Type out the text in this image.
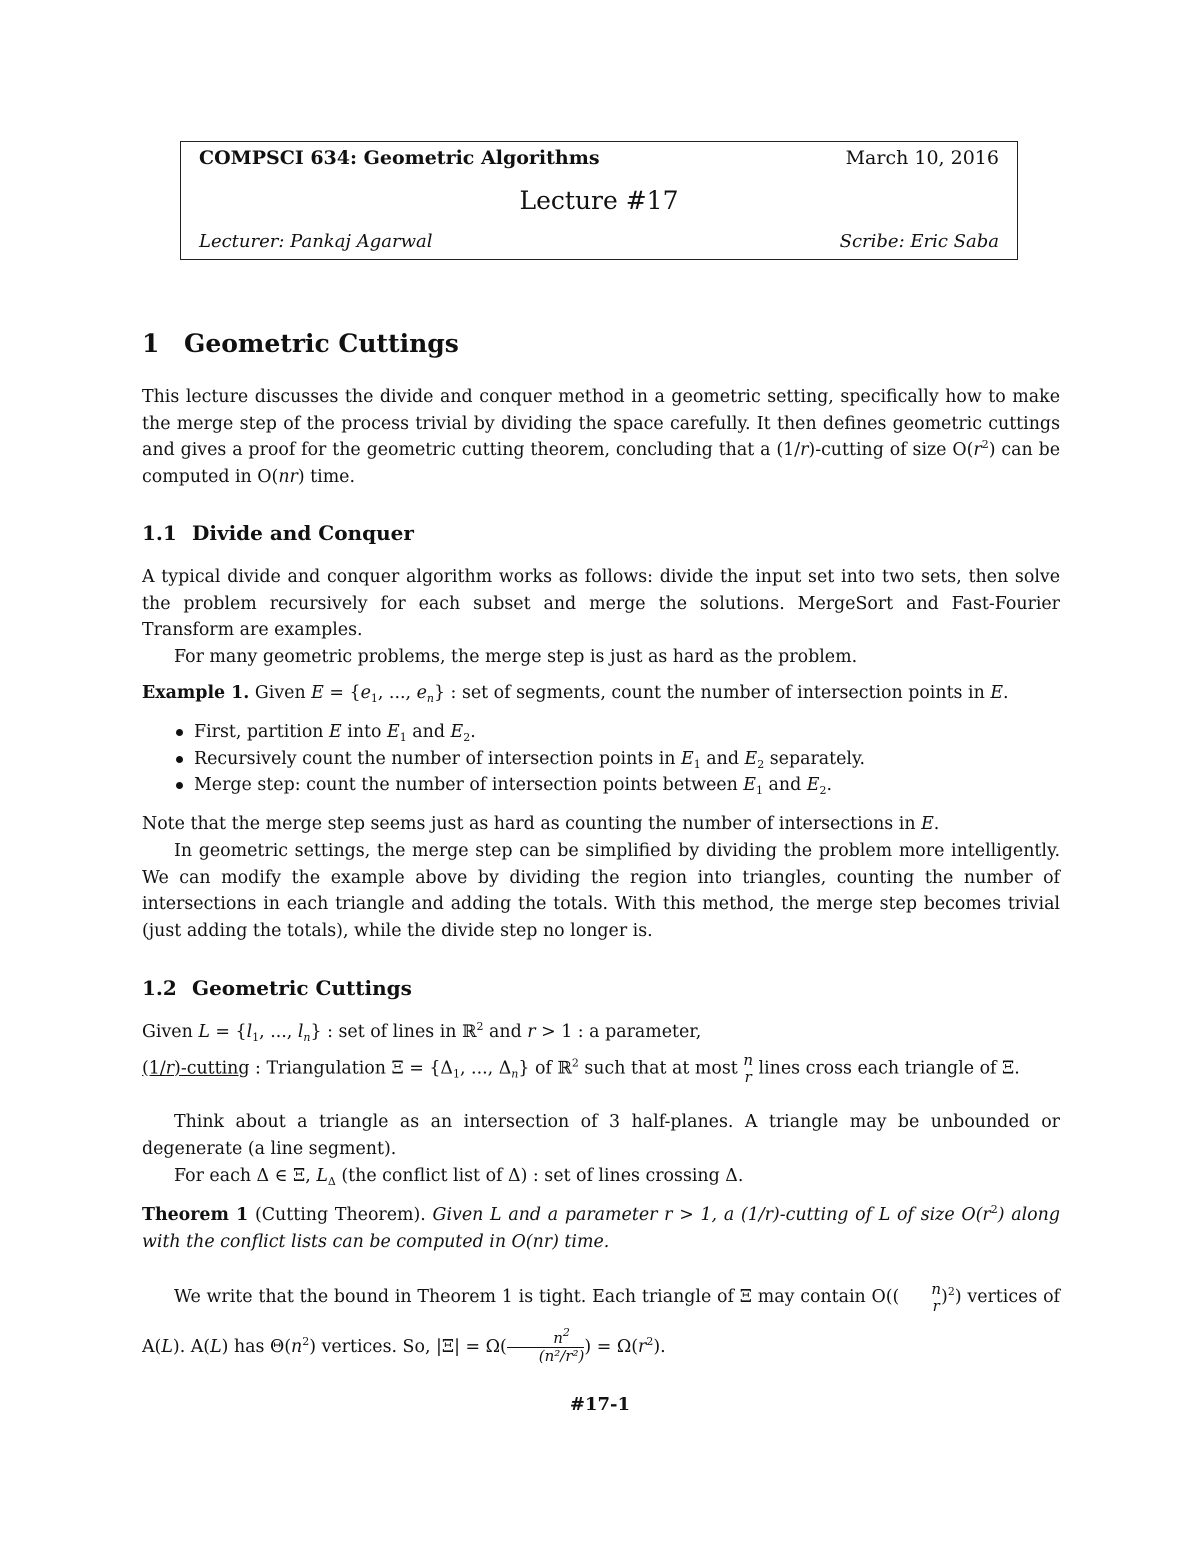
COMPSCI 634: Geometric Algorithms	March 10, 2016
Lecture #17
Lecturer: Pankaj Agarwal	Scribe: Eric Saba
1 Geometric Cuttings
This lecture discusses the divide and conquer method in a geometric setting, specifically how to make the merge step of the process trivial by dividing the space carefully. It then defines geometric cuttings and gives a proof for the geometric cutting theorem, concluding that a (1/r)-cutting of size $O(r^2)$ can be computed in O(nr) time.
1.1 Divide and Conquer
A typical divide and conquer algorithm works as follows: divide the input set into two sets, then solve the problem recursively for each subset and merge the solutions. MergeSort and Fast-Fourier Transform are examples.
For many geometric problems, the merge step is just as hard as the problem.
Example 1. Given $E = \{e_1$, ..., $e_n$} : set of segments, count the number of intersection points in E.
First, partition E into $E_1$ and $E_2$.
Recursively count the number of intersection points in $E_1$ and $E_2$ separately.
Merge step: count the number of intersection points between $E_1$ and $E_2$.
Note that the merge step seems just as hard as counting the number of intersections in E.
In geometric settings, the merge step can be simplified by dividing the problem more intelligently. We can modify the example above by dividing the region into triangles, counting the number of intersections in each triangle and adding the totals. With this method, the merge step becomes trivial (just adding the totals), while the divide step no longer is.
1.2 Geometric Cuttings
Given $L = \{l_1$, ..., $l_n$} : set of lines in ℝ$^2$ and r > 1 : a parameter,
(1/r)-cutting : Triangulation $\Xi = \{\Delta_1$, ..., $\Delta_n$} of ℝ$^2$ such that at most n
r lines cross each triangle of Ξ.
Think about a triangle as an intersection of 3 half-planes. A triangle may be unbounded or degenerate (a line segment).
For each Δ ∈ Ξ, $L_\Delta$ (the conflict list of Δ) : set of lines crossing Δ.
Theorem 1 (Cutting Theorem). Given L and a parameter r > 1, a (1/r)-cutting of L of size $O(r^2)$ along with the conflict lists can be computed in O(nr) time.
We write that the bound in Theorem 1 is tight. Each triangle of Ξ may contain O((	n
r )$^2$) vertices of A(L). A(L) has $\Theta(n^2)$ vertices. So, $|\Xi| = \Omega( \frac{n^2}{\text{(n²/r²)}}$ ) = $\Omega(r^2)$.
#17-1
